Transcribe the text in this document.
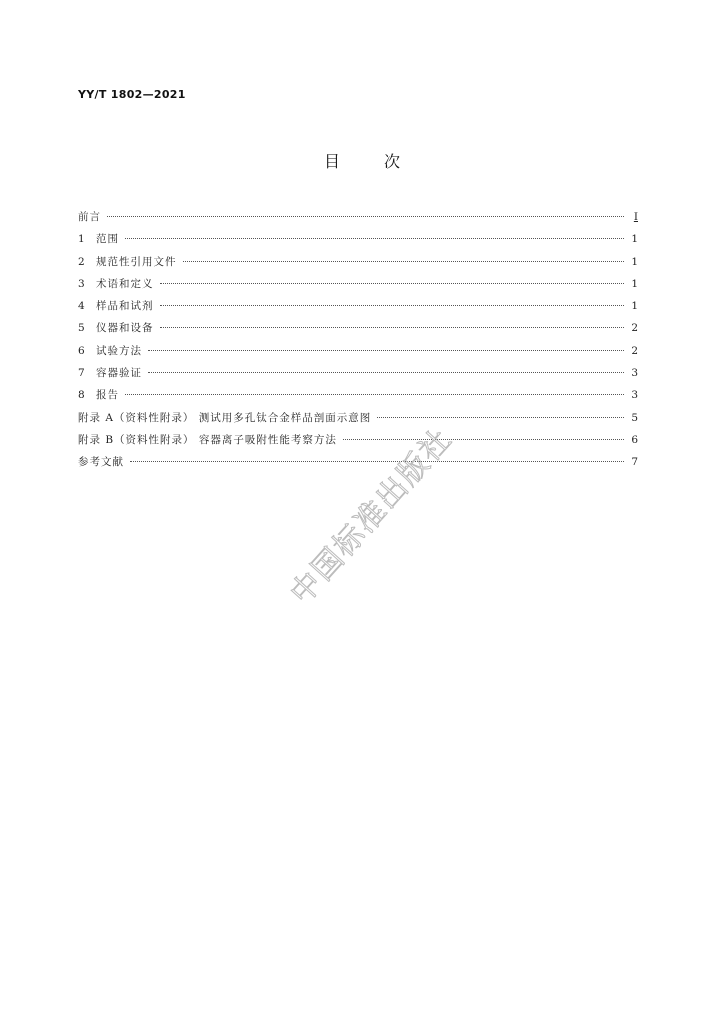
YY/T 1802—2021
目	次
前言	Ⅰ
1	范围	1
2	规范性引用文件	1
3	术语和定义	1
4	样品和试剂	1
5	仪器和设备	2
6	试验方法	2
7	容器验证	3
8	报告	3
附录 A（资料性附录） 测试用多孔钛合金样品剖面示意图	5
附录 B（资料性附录） 容器离子吸附性能考察方法	6
参考文献	7
中国标准出版社
